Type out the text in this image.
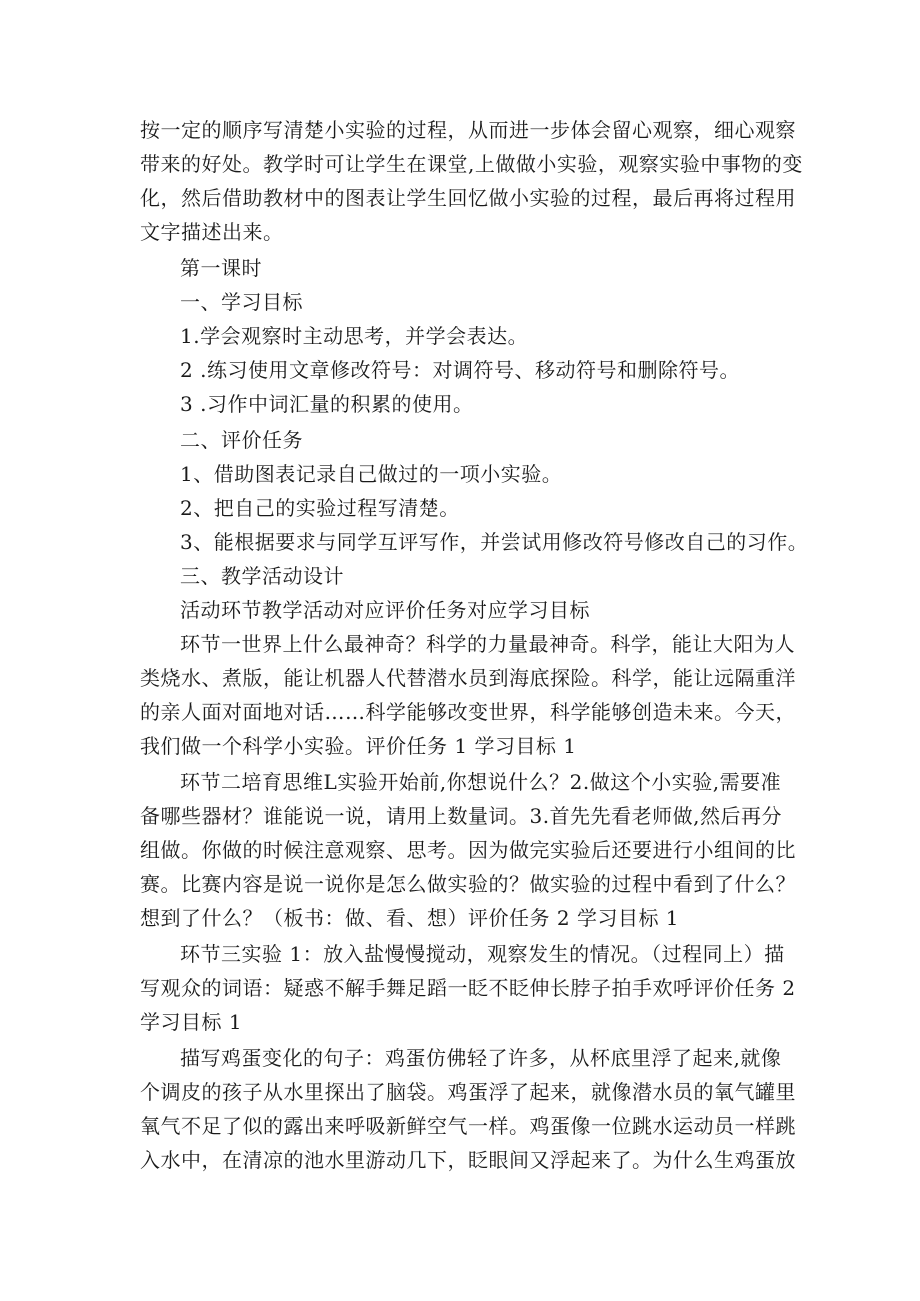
按一定的顺序写清楚小实验的过程，从而进一步体会留心观察，细心观察
带来的好处。教学时可让学生在课堂,上做做小实验，观察实验中事物的变
化，然后借助教材中的图表让学生回忆做小实验的过程，最后再将过程用
文字描述出来。
第一课时
一、学习目标
1.学会观察时主动思考，并学会表达。
2 .练习使用文章修改符号：对调符号、移动符号和删除符号。
3 .习作中词汇量的积累的使用。
二、评价任务
1、借助图表记录自己做过的一项小实验。
2、把自己的实验过程写清楚。
3、能根据要求与同学互评写作，并尝试用修改符号修改自己的习作。
三、教学活动设计
活动环节教学活动对应评价任务对应学习目标
环节一世界上什么最神奇？科学的力量最神奇。科学，能让大阳为人
类烧水、煮版，能让机器人代替潜水员到海底探险。科学，能让远隔重洋
的亲人面对面地对话……科学能够改变世界，科学能够创造未来。今天，
我们做一个科学小实验。评价任务 1 学习目标 1
环节二培育思维L实验开始前,你想说什么？2.做这个小实验,需要准
备哪些器材？谁能说一说，请用上数量词。3.首先先看老师做,然后再分
组做。你做的时候注意观察、思考。因为做完实验后还要进行小组间的比
赛。比赛内容是说一说你是怎么做实验的？做实验的过程中看到了什么？
想到了什么？（板书：做、看、想）评价任务 2 学习目标 1
环节三实验 1：放入盐慢慢搅动，观察发生的情况。（过程同上）描
写观众的词语：疑惑不解手舞足蹈一眨不眨伸长脖子拍手欢呼评价任务 2
学习目标 1
描写鸡蛋变化的句子：鸡蛋仿佛轻了许多，从杯底里浮了起来,就像
个调皮的孩子从水里探出了脑袋。鸡蛋浮了起来，就像潜水员的氧气罐里
氧气不足了似的露出来呼吸新鲜空气一样。鸡蛋像一位跳水运动员一样跳
入水中，在清凉的池水里游动几下，眨眼间又浮起来了。为什么生鸡蛋放
